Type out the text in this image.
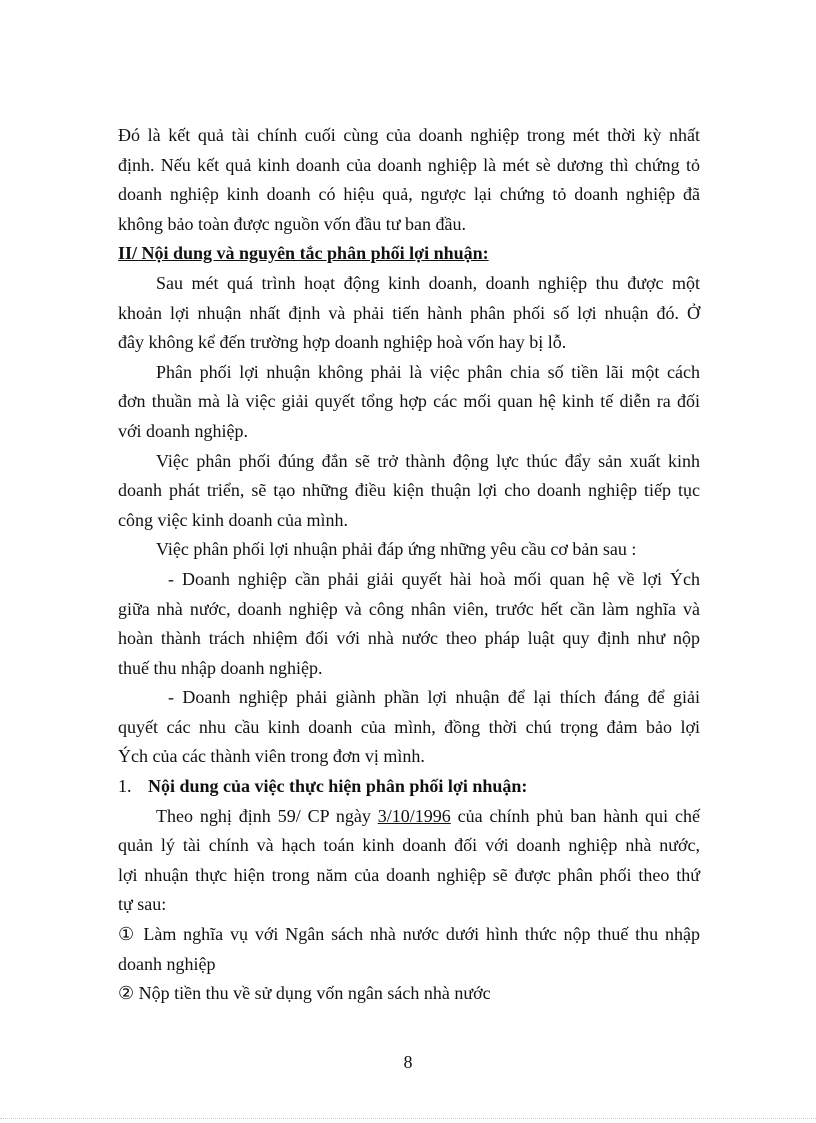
Đó là kết quả tài chính cuối cùng của doanh nghiệp trong mét thời kỳ nhất
định. Nếu kết quả kinh doanh của doanh nghiệp là mét sè dương thì chứng tỏ
doanh nghiệp kinh doanh có hiệu quả, ngược lại chứng tỏ doanh nghiệp đã
không bảo toàn được nguồn vốn đầu tư ban đầu.
II/ Nội dung và nguyên tắc phân phối lợi nhuận:
Sau mét quá trình hoạt động kinh doanh, doanh nghiệp thu được một
khoản lợi nhuận nhất định và phải tiến hành phân phối số lợi nhuận đó. Ở
đây không kể đến trường hợp doanh nghiệp hoà vốn hay bị lỗ.
Phân phối lợi nhuận không phải là việc phân chia số tiền lãi một cách
đơn thuần mà là việc giải quyết tổng hợp các mối quan hệ kinh tế diễn ra đối
với doanh nghiệp.
Việc phân phối đúng đắn sẽ trở thành động lực thúc đẩy sản xuất kinh
doanh phát triển, sẽ tạo những điều kiện thuận lợi cho doanh nghiệp tiếp tục
công việc kinh doanh của mình.
Việc phân phối lợi nhuận phải đáp ứng những yêu cầu cơ bản sau :
- Doanh nghiệp cần phải giải quyết hài hoà mối quan hệ về lợi Ých
giữa nhà nước, doanh nghiệp và công nhân viên, trước hết cần làm nghĩa và
hoàn thành trách nhiệm đối với nhà nước theo pháp luật quy định như nộp
thuế thu nhập doanh nghiệp.
- Doanh nghiệp phải giành phần lợi nhuận để lại thích đáng để giải
quyết các nhu cầu kinh doanh của mình, đồng thời chú trọng đảm bảo lợi
Ých của các thành viên trong đơn vị mình.
1. Nội dung của việc thực hiện phân phối lợi nhuận:
Theo nghị định 59/ CP ngày 3/10/1996 của chính phủ ban hành qui chế
quản lý tài chính và hạch toán kinh doanh đối với doanh nghiệp nhà nước,
lợi nhuận thực hiện trong năm của doanh nghiệp sẽ được phân phối theo thứ
tự sau:
① Làm nghĩa vụ với Ngân sách nhà nước dưới hình thức nộp thuế thu nhập
doanh nghiệp
② Nộp tiền thu về sử dụng vốn ngân sách nhà nước
8
